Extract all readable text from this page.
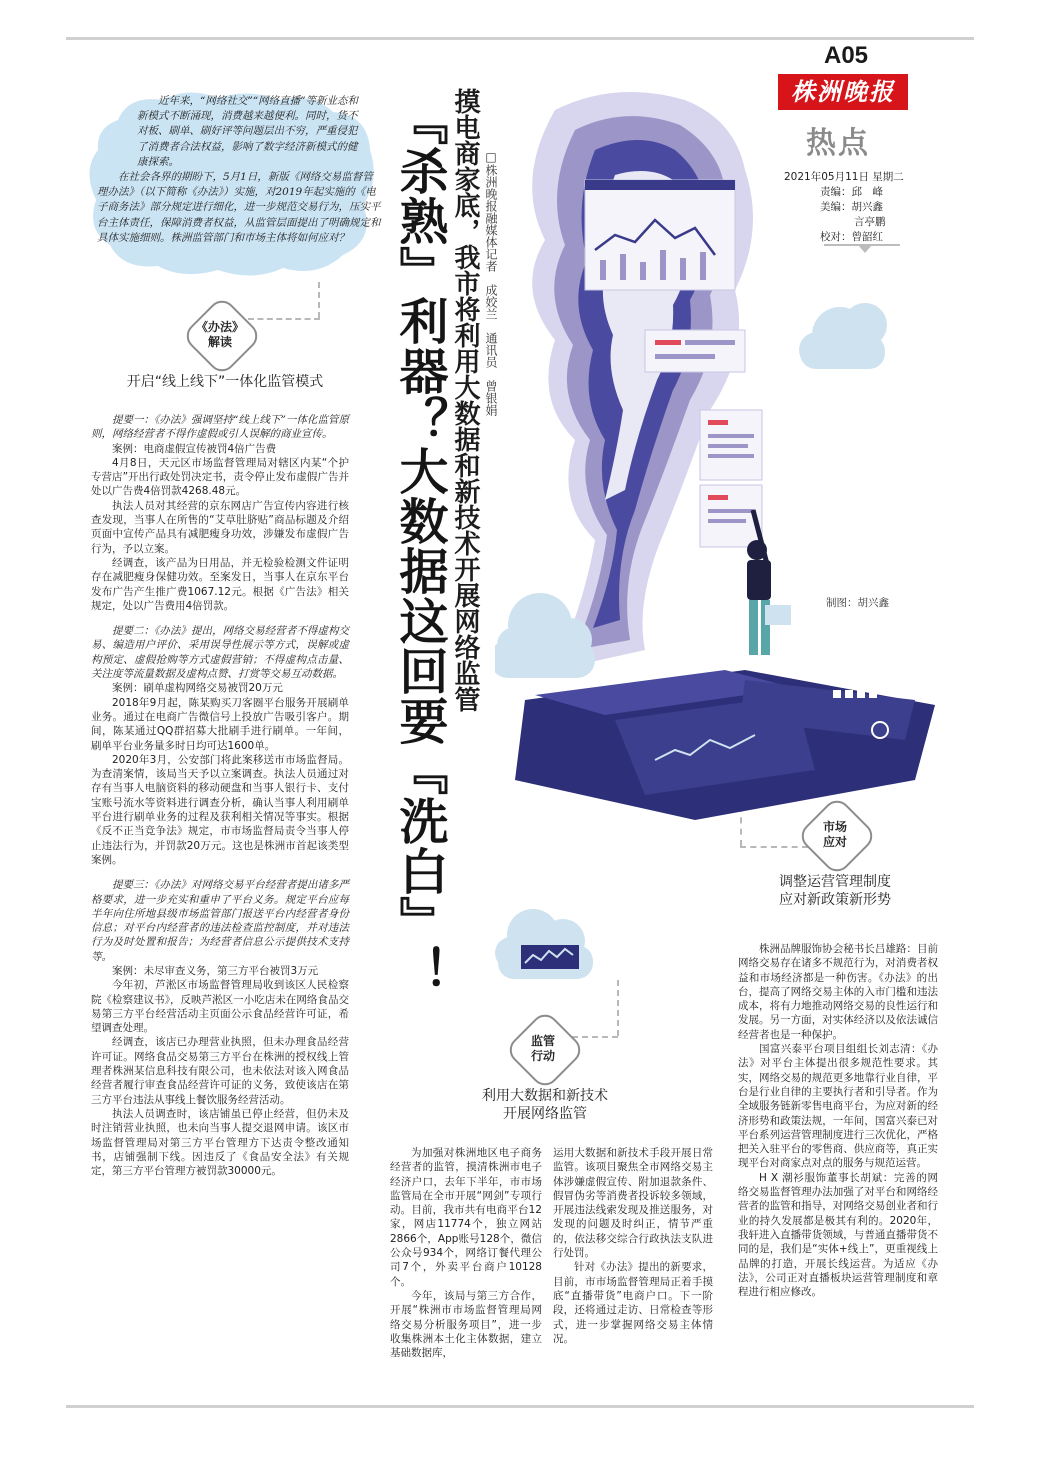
A05
株洲晚报
热点
2021年05月11日 星期二
责编：邱　峰
美编：胡兴鑫
言亭鹏
校对：曾韶红

近年来，“网络社交”“网络直播”等新业态和新模式不断涌现，消费越来越便利。同时，货不对板、刷单、刷好评等问题层出不穷，严重侵犯了消费者合法权益，影响了数字经济新模式的健康探索。

在社会各界的期盼下，5月1日，新版《网络交易监督管理办法》（以下简称《办法》）实施，对2019年起实施的《电子商务法》部分规定进行细化，进一步规范交易行为，压实平台主体责任，保障消费者权益，从监管层面提出了明确规定和具体实施细则。株洲监管部门和市场主体将如何应对？ 『杀熟』利器？大数据这回要『洗白』！ 摸电商家底，我市将利用大数据和新技术开展网络监管 □株洲晚报融媒体记者　成姣兰　通讯员　曾银娟
《办法》
解读
开启“线上线下”一体化监管模式

提要一：《办法》强调坚持“线上线下”一体化监管原则，网络经营者不得作虚假或引人误解的商业宣传。

案例：电商虚假宣传被罚4倍广告费

4月8日，天元区市场监督管理局对辖区内某“个护专营店”开出行政处罚决定书，责令停止发布虚假广告并处以广告费4倍罚款4268.48元。

执法人员对其经营的京东网店广告宣传内容进行核查发现，当事人在所售的“艾草肚脐贴”商品标题及介绍页面中宣传产品具有减肥瘦身功效，涉嫌发布虚假广告行为，予以立案。

经调查，该产品为日用品，并无检验检测文件证明存在减肥瘦身保健功效。至案发日，当事人在京东平台发布广告产生推广费1067.12元。根据《广告法》相关规定，处以广告费用4倍罚款。

提要二：《办法》提出，网络交易经营者不得虚构交易、编造用户评价、采用误导性展示等方式，误解或虚构预定、虚假抢购等方式虚假营销；不得虚构点击量、关注度等流量数据及虚构点赞、打赏等交易互动数据。

案例：刷单虚构网络交易被罚20万元

2018年9月起，陈某购买刀客圈平台服务开展刷单业务。通过在电商广告微信号上投放广告吸引客户。期间，陈某通过QQ群招募大批刷手进行刷单。一年间，刷单平台业务量多时日均可达1600单。

2020年3月，公安部门将此案移送市市场监督局。为查清案情，该局当天予以立案调查。执法人员通过对存有当事人电脑资料的移动硬盘和当事人银行卡、支付宝账号流水等资料进行调查分析，确认当事人利用刷单平台进行刷单业务的过程及获利相关情况等事实。根据《反不正当竞争法》规定，市市场监督局责令当事人停止违法行为，并罚款20万元。这也是株洲市首起该类型案例。

提要三：《办法》对网络交易平台经营者提出诸多严格要求，进一步充实和重申了平台义务。规定平台应每半年向住所地县级市场监管部门报送平台内经营者身份信息；对平台内经营者的违法检查监控制度，并对违法行为及时处置和报告；为经营者信息公示提供技术支持等。

案例：未尽审查义务，第三方平台被罚3万元

今年初，芦淞区市场监督管理局收到该区人民检察院《检察建议书》，反映芦淞区一小吃店未在网络食品交易第三方平台经营活动主页面公示食品经营许可证，希望调查处理。

经调查，该店已办理营业执照，但未办理食品经营许可证。网络食品交易第三方平台在株洲的授权线上管理者株洲某信息科技有限公司，也未依法对该入网食品经营者履行审查食品经营许可证的义务，致使该店在第三方平台违法从事线上餐饮服务经营活动。

执法人员调查时，该店铺虽已停止经营，但仍未及时注销营业执照，也未向当事人提交退网申请。该区市场监督管理局对第三方平台管理方下达责令整改通知书，店铺强制下线。因违反了《食品安全法》有关规定，第三方平台管理方被罚款30000元。

制图：胡兴鑫
市场
应对
调整运营管理制度
应对新政策新形势

株洲品牌服饰协会秘书长吕雄路：目前网络交易存在诸多不规范行为，对消费者权益和市场经济都是一种伤害。《办法》的出台，提高了网络交易主体的入市门槛和违法成本，将有力地推动网络交易的良性运行和发展。另一方面，对实体经济以及依法诚信经营者也是一种保护。

国富兴泰平台项目组组长刘志清：《办法》对平台主体提出很多规范性要求。其实，网络交易的规范更多地靠行业自律，平台是行业自律的主要执行者和引导者。作为全域服务链新零售电商平台，为应对新的经济形势和政策法规，一年间，国富兴泰已对平台系列运营管理制度进行三次优化，严格把关入驻平台的零售商、供应商等，真正实现平台对商家点对点的服务与规范运营。

H X 潮衫服饰董事长胡斌：完善的网络交易监督管理办法加强了对平台和网络经营者的监管和指导，对网络交易创业者和行业的持久发展都是极其有利的。2020年，我轩进入直播带货领域，与普通直播带货不同的是，我们是“实体+线上”，更重视线上品牌的打造，开展长线运营。为适应《办法》，公司正对直播板块运营管理制度和章程进行相应修改。

监管
行动
利用大数据和新技术
开展网络监管

为加强对株洲地区电子商务经营者的监管，摸清株洲市电子经济户口，去年下半年，市市场监管局在全市开展“网剑”专项行动。目前，我市共有电商平台12家，网店11774个，独立网站2866个，App账号128个，微信公众号934个，网络订餐代理公司7个，外卖平台商户10128个。

今年，该局与第三方合作，开展“株洲市市场监督管理局网络交易分析服务项目”，进一步收集株洲本土化主体数据，建立基础数据库，

运用大数据和新技术手段开展日常监管。该项目聚焦全市网络交易主体涉嫌虚假宣传、附加退款条件、假冒伪劣等消费者投诉较多领域，开展违法线索发现及推送服务，对发现的问题及时纠正，情节严重的，依法移交综合行政执法支队进行处罚。

针对《办法》提出的新要求，目前，市市场监督管理局正着手摸底“直播带货”电商户口。下一阶段，还将通过走访、日常检查等形式，进一步掌握网络交易主体情况。
